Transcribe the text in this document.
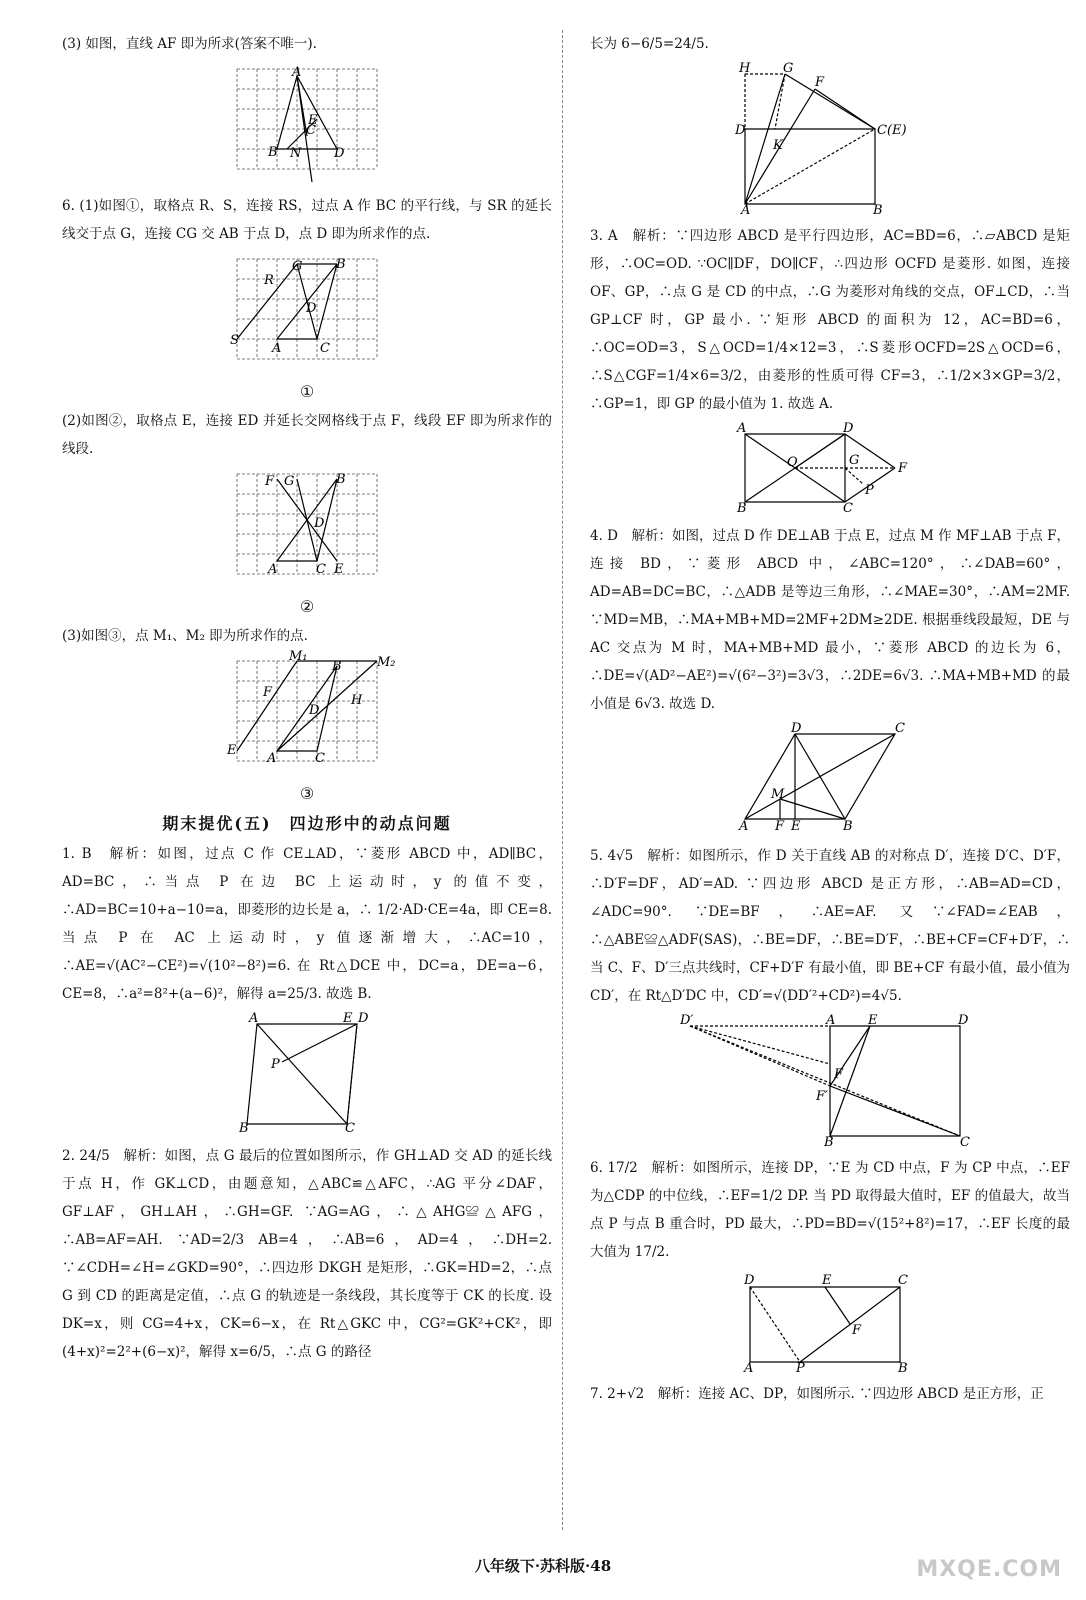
(3) 如图，直线 AF 即为所求(答案不唯一).

A
B N
C
E
D

6. (1)如图①，取格点 R、S，连接 RS，过点 A 作 BC 的平行线，与 SR 的延长线交于点 G，连接 CG 交 AB 于点 D，点 D 即为所求作的点.

G	B
R
D
S
A	C

①

(2)如图②，取格点 E，连接 ED 并延长交网格线于点 F，线段 EF 即为所求作的线段.

F G	B
D
A	C E

②

(3)如图③，点 M₁、M₂ 即为所求作的点.

M₁	M₂
B
F
D
H
E
A	C

③

期末提优(五)　四边形中的动点问题

1. B　解析：如图，过点 C 作 CE⊥AD，∵菱形 ABCD 中，AD∥BC，AD=BC，∴当点 P 在边 BC 上运动时，y 的值不变，∴AD=BC=10+a−10=a，即菱形的边长是 a，∴ 1/2·AD·CE=4a，即 CE=8. 当点 P 在 AC 上运动时，y 值逐渐增大，∴AC=10，∴AE=√(AC²−CE²)=√(10²−8²)=6. 在 Rt△DCE 中，DC=a，DE=a−6，CE=8，∴a²=8²+(a−6)²，解得 a=25/3. 故选 B.

A	E D
P
B	C

2. 24/5　解析：如图，点 G 最后的位置如图所示，作 GH⊥AD 交 AD 的延长线于点 H，作 GK⊥CD，由题意知，△ABC≌△AFC，∴AG 平分∠DAF，GF⊥AF，GH⊥AH，∴GH=GF. ∵AG=AG，∴△AHG≌△AFG，∴AB=AF=AH. ∵AD=2/3 AB=4，∴AB=6，AD=4，∴DH=2. ∵∠CDH=∠H=∠GKD=90°，∴四边形 DKGH 是矩形，∴GK=HD=2，∴点 G 到 CD 的距离是定值，∴点 G 的轨迹是一条线段，其长度等于 CK 的长度. 设 DK=x，则 CG=4+x，CK=6−x，在 Rt△GKC 中，CG²=GK²+CK²，即(4+x)²=2²+(6−x)²，解得 x=6/5，∴点 G 的路径

长为 6−6/5=24/5.

H	G
F
D	C(E)
K
A	B

3. A　解析：∵四边形 ABCD 是平行四边形，AC=BD=6，∴▱ABCD 是矩形，∴OC=OD. ∵OC∥DF，DO∥CF，∴四边形 OCFD 是菱形. 如图，连接 OF、GP，∴点 G 是 CD 的中点，∴G 为菱形对角线的交点，OF⊥CD，∴当 GP⊥CF 时，GP 最小. ∵矩形 ABCD 的面积为 12，AC=BD=6，∴OC=OD=3，S△OCD=1/4×12=3，∴S菱形OCFD=2S△OCD=6，∴S△CGF=1/4×6=3/2，由菱形的性质可得 CF=3，∴1/2×3×GP=3/2，∴GP=1，即 GP 的最小值为 1. 故选 A.

A	D
O	G
F
P
B	C

4. D　解析：如图，过点 D 作 DE⊥AB 于点 E，过点 M 作 MF⊥AB 于点 F，连接 BD，∵菱形 ABCD 中，∠ABC=120°，∴∠DAB=60°，AD=AB=DC=BC，∴△ADB 是等边三角形，∴∠MAE=30°，∴AM=2MF. ∵MD=MB，∴MA+MB+MD=2MF+2DM≥2DE. 根据垂线段最短，DE 与 AC 交点为 M 时，MA+MB+MD 最小，∵菱形 ABCD 的边长为 6，∴DE=√(AD²−AE²)=√(6²−3²)=3√3，∴2DE=6√3. ∴MA+MB+MD 的最小值是 6√3. 故选 D.

D	C
M
A F E	B

5. 4√5　解析：如图所示，作 D 关于直线 AB 的对称点 D′，连接 D′C、D′F，∴D′F=DF，AD′=AD. ∵四边形 ABCD 是正方形，∴AB=AD=CD，∠ADC=90°. ∵DE=BF，∴AE=AF. 又∵∠FAD=∠EAB，∴△ABE≌△ADF(SAS)，∴BE=DF，∴BE=D′F，∴BE+CF=CF+D′F，∴当 C、F、D′三点共线时，CF+D′F 有最小值，即 BE+CF 有最小值，最小值为 CD′，在 Rt△D′DC 中，CD′=√(DD′²+CD²)=4√5.

D′	A	E	D
F
F′
B	C

6. 17/2　解析：如图所示，连接 DP，∵E 为 CD 中点，F 为 CP 中点，∴EF 为△CDP 的中位线，∴EF=1/2 DP. 当 PD 取得最大值时，EF 的值最大，故当点 P 与点 B 重合时，PD 最大，∴PD=BD=√(15²+8²)=17，∴EF 长度的最大值为 17/2.

D	E	C
F
A	P	B

7. 2+√2　解析：连接 AC、DP，如图所示. ∵四边形 ABCD 是正方形，正

八年级下·苏科版·48	MXQE.COM
